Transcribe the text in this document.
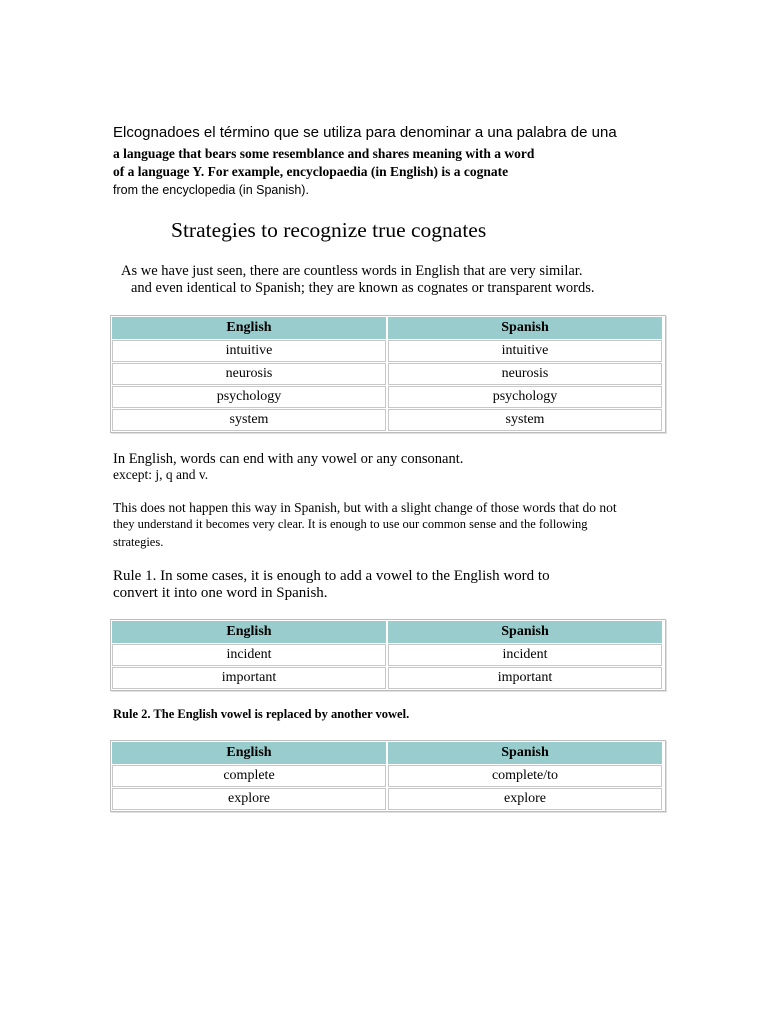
Elcognadoes el término que se utiliza para denominar a una palabra de una
a language that bears some resemblance and shares meaning with a word
of a language Y. For example, encyclopaedia (in English) is a cognate
from the encyclopedia (in Spanish).
Strategies to recognize true cognates
As we have just seen, there are countless words in English that are very similar.
and even identical to Spanish; they are known as cognates or transparent words.
English	Spanish
intuitive	intuitive
neurosis	neurosis
psychology	psychology
system	system
In English, words can end with any vowel or any consonant.
except: j, q and v.
This does not happen this way in Spanish, but with a slight change of those words that do not
they understand it becomes very clear. It is enough to use our common sense and the following
strategies.
Rule 1. In some cases, it is enough to add a vowel to the English word to
convert it into one word in Spanish.
English	Spanish
incident	incident
important	important
Rule 2. The English vowel is replaced by another vowel.
English	Spanish
complete	complete/to
explore	explore
